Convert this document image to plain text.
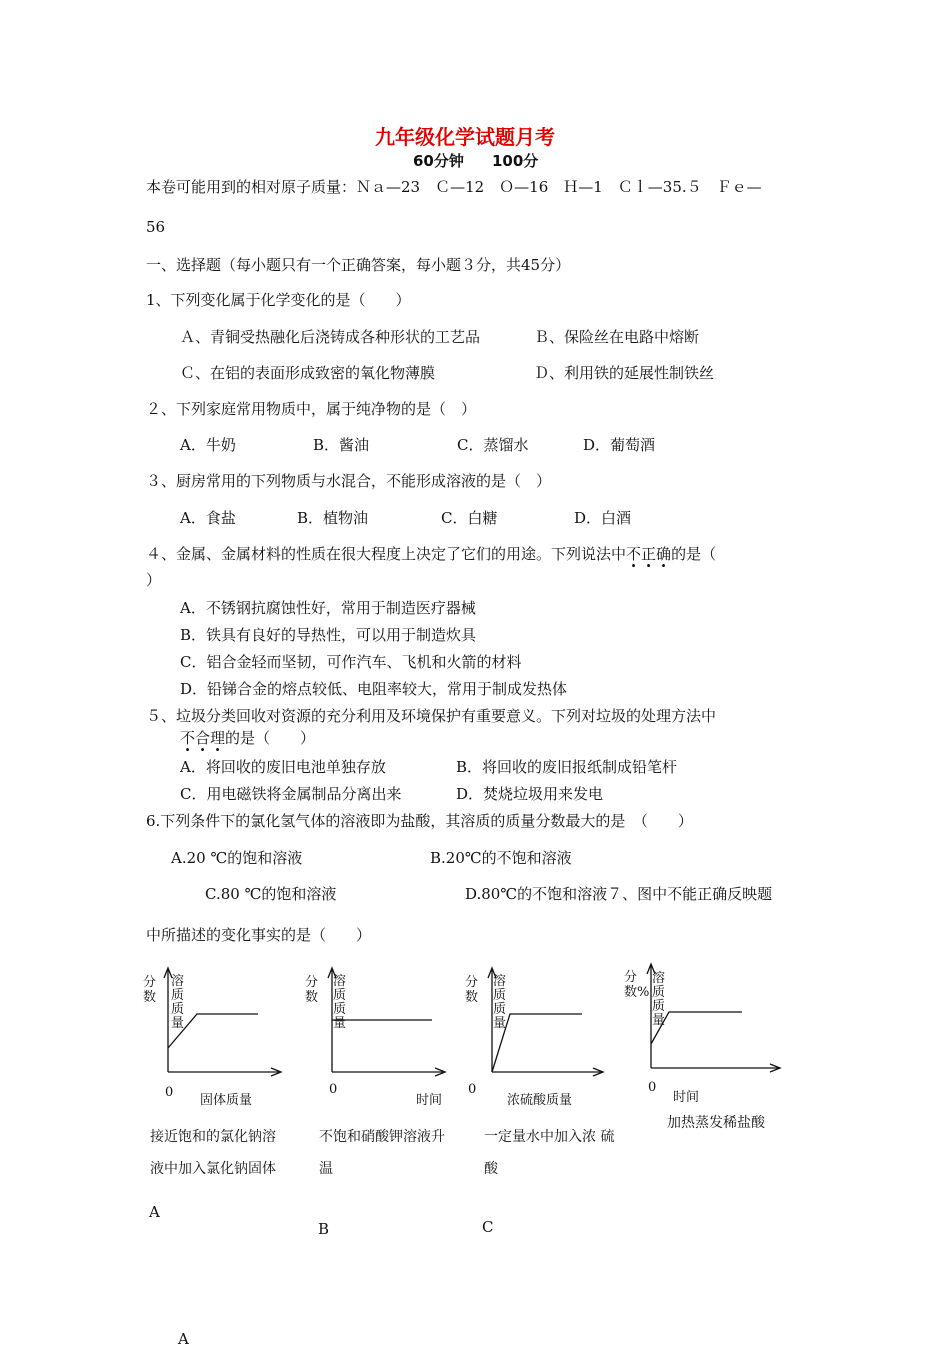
九年级化学试题月考
60分钟 100分
本卷可能用到的相对原子质量：Ｎａ—23　Ｃ—12　Ｏ—16　Ｈ—1　Ｃｌ—35.５　Ｆｅ—
56
一、选择题（每小题只有一个正确答案，每小题３分，共45分）
1、下列变化属于化学变化的是（　　）
Ａ、青铜受热融化后浇铸成各种形状的工艺品	Ｂ、保险丝在电路中熔断
Ｃ、在铝的表面形成致密的氧化物薄膜	Ｄ、利用铁的延展性制铁丝
２、下列家庭常用物质中，属于纯净物的是（　）
A．牛奶	B．酱油	C．蒸馏水	D．葡萄酒
３、厨房常用的下列物质与水混合，不能形成溶液的是（　）
A．食盐	B．植物油	C．白糖	D．白酒
４、金属、金属材料的性质在很大程度上决定了它们的用途。下列说法中不正确的是（
）
A．不锈钢抗腐蚀性好，常用于制造医疗器械
B．铁具有良好的导热性，可以用于制造炊具
C．铝合金轻而坚韧，可作汽车、飞机和火箭的材料
D．铅锑合金的熔点较低、电阻率较大，常用于制成发热体
５、垃圾分类回收对资源的充分利用及环境保护有重要意义。下列对垃圾的处理方法中
不合理的是（　　）
A．将回收的废旧电池单独存放	B．将回收的废旧报纸制成铅笔杆
C．用电磁铁将金属制品分离出来	D．焚烧垃圾用来发电
6.下列条件下的氯化氢气体的溶液即为盐酸，其溶质的质量分数最大的是　（　　）
A.20 ℃的饱和溶液	B.20℃的不饱和溶液
C.80 ℃的饱和溶液	D.80℃的不饱和溶液７、图中不能正确反映题
中所描述的变化事实的是（　　）
分数
溶质质量
0
固体质量
接近饱和的氯化钠溶
液中加入氯化钠固体
A
分数
溶质质量
0
时间
不饱和硝酸钾溶液升
温
B
分数
溶质质量
0
浓硫酸质量
一定量水中加入浓 硫
酸
C
分数%
溶质质量
0
时间
加热蒸发稀盐酸
A
